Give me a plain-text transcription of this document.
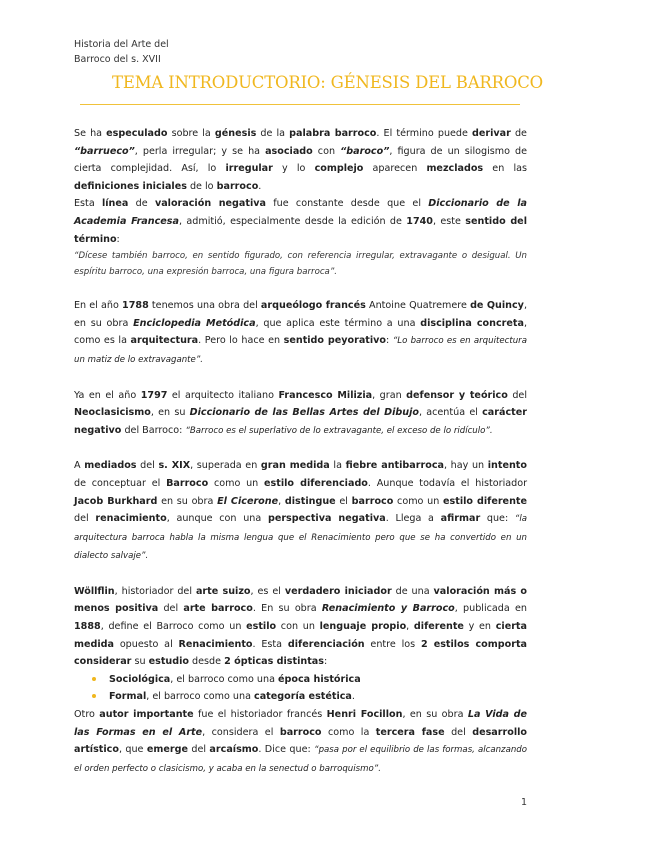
Historia del Arte del
Barroco del s. XVII
TEMA INTRODUCTORIO: GÉNESIS DEL BARROCO

Se ha especulado sobre la génesis de la palabra barroco. El término puede derivar de “barrueco”, perla irregular; y se ha asociado con “baroco”, figura de un silogismo de cierta complejidad. Así, lo irregular y lo complejo aparecen mezclados en las definiciones iniciales de lo barroco.

Esta línea de valoración negativa fue constante desde que el Diccionario de la Academia Francesa, admitió, especialmente desde la edición de 1740, este sentido del término:

“Dícese también barroco, en sentido figurado, con referencia irregular, extravagante o desigual. Un espíritu barroco, una expresión barroca, una figura barroca”.

En el año 1788 tenemos una obra del arqueólogo francés Antoine Quatremere de Quincy, en su obra Enciclopedia Metódica, que aplica este término a una disciplina concreta, como es la arquitectura. Pero lo hace en sentido peyorativo: “Lo barroco es en arquitectura un matiz de lo extravagante”.

Ya en el año 1797 el arquitecto italiano Francesco Milizia, gran defensor y teórico del Neoclasicismo, en su Diccionario de las Bellas Artes del Dibujo, acentúa el carácter negativo del Barroco: “Barroco es el superlativo de lo extravagante, el exceso de lo ridículo”.

A mediados del s. XIX, superada en gran medida la fiebre antibarroca, hay un intento de conceptuar el Barroco como un estilo diferenciado. Aunque todavía el historiador Jacob Burkhard en su obra El Cicerone, distingue el barroco como un estilo diferente del renacimiento, aunque con una perspectiva negativa. Llega a afirmar que: “la arquitectura barroca habla la misma lengua que el Renacimiento pero que se ha convertido en un dialecto salvaje”.

Wöllflin, historiador del arte suizo, es el verdadero iniciador de una valoración más o menos positiva del arte barroco. En su obra Renacimiento y Barroco, publicada en 1888, define el Barroco como un estilo con un lenguaje propio, diferente y en cierta medida opuesto al Renacimiento. Esta diferenciación entre los 2 estilos comporta considerar su estudio desde 2 ópticas distintas:

Sociológica, el barroco como una época histórica
Formal, el barroco como una categoría estética.

Otro autor importante fue el historiador francés Henri Focillon, en su obra La Vida de las Formas en el Arte, considera el barroco como la tercera fase del desarrollo artístico, que emerge del arcaísmo. Dice que: “pasa por el equilibrio de las formas, alcanzando el orden perfecto o clasicismo, y acaba en la senectud o barroquismo”.

1
